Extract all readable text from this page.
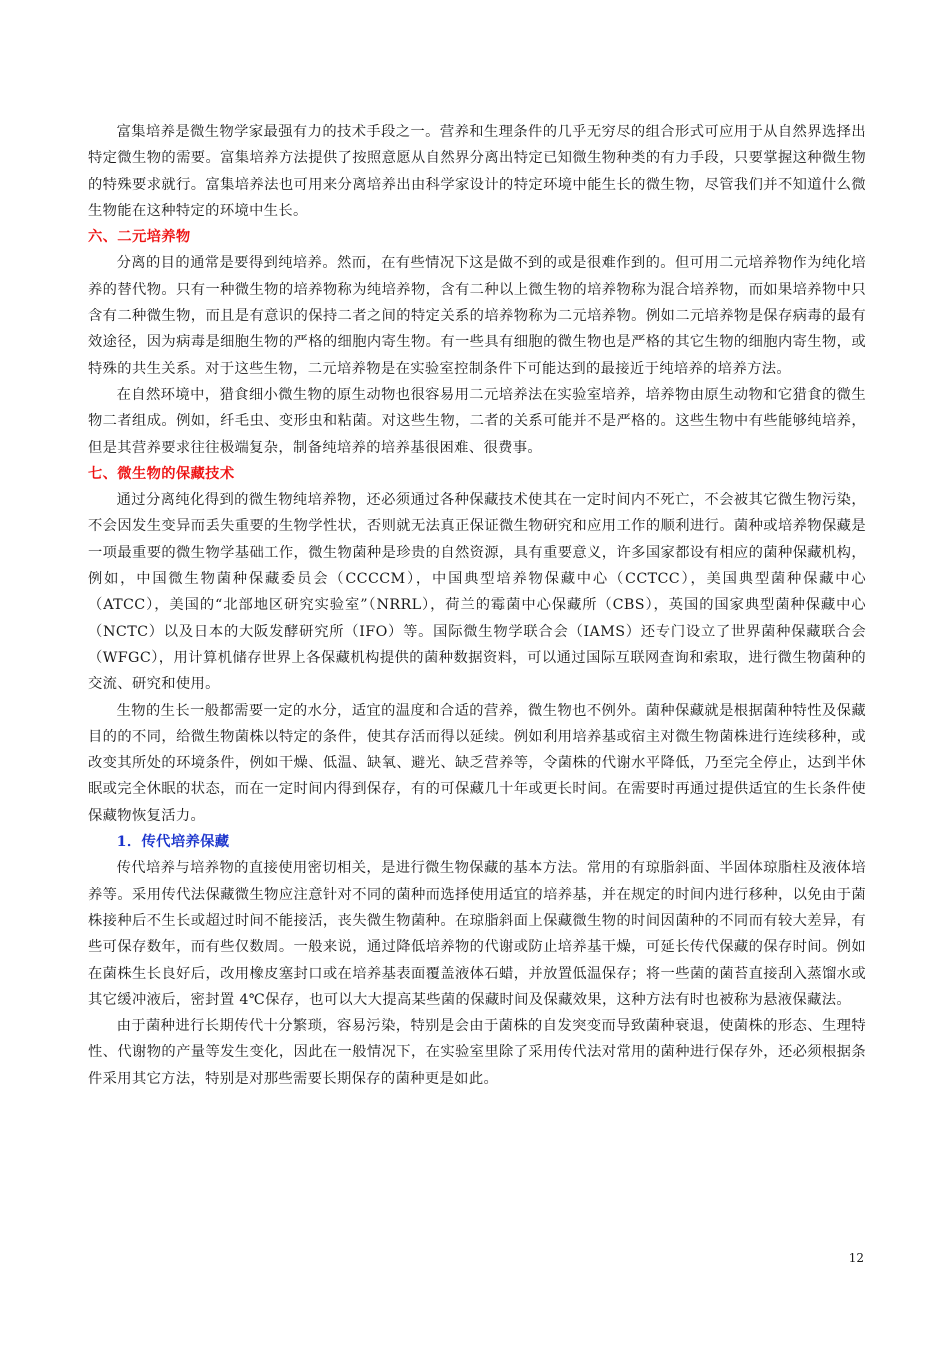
富集培养是微生物学家最强有力的技术手段之一。营养和生理条件的几乎无穷尽的组合形式可应用于从自然界选择出特定微生物的需要。富集培养方法提供了按照意愿从自然界分离出特定已知微生物种类的有力手段，只要掌握这种微生物的特殊要求就行。富集培养法也可用来分离培养出由科学家设计的特定环境中能生长的微生物，尽管我们并不知道什么微生物能在这种特定的环境中生长。

六、二元培养物

分离的目的通常是要得到纯培养。然而，在有些情况下这是做不到的或是很难作到的。但可用二元培养物作为纯化培养的替代物。只有一种微生物的培养物称为纯培养物，含有二种以上微生物的培养物称为混合培养物，而如果培养物中只含有二种微生物，而且是有意识的保持二者之间的特定关系的培养物称为二元培养物。例如二元培养物是保存病毒的最有效途径，因为病毒是细胞生物的严格的细胞内寄生物。有一些具有细胞的微生物也是严格的其它生物的细胞内寄生物，或特殊的共生关系。对于这些生物，二元培养物是在实验室控制条件下可能达到的最接近于纯培养的培养方法。

在自然环境中，猎食细小微生物的原生动物也很容易用二元培养法在实验室培养，培养物由原生动物和它猎食的微生物二者组成。例如，纤毛虫、变形虫和粘菌。对这些生物，二者的关系可能并不是严格的。这些生物中有些能够纯培养，但是其营养要求往往极端复杂，制备纯培养的培养基很困难、很费事。

七、微生物的保藏技术

通过分离纯化得到的微生物纯培养物，还必须通过各种保藏技术使其在一定时间内不死亡，不会被其它微生物污染，不会因发生变异而丢失重要的生物学性状，否则就无法真正保证微生物研究和应用工作的顺利进行。菌种或培养物保藏是一项最重要的微生物学基础工作，微生物菌种是珍贵的自然资源，具有重要意义，许多国家都设有相应的菌种保藏机构，例如，中国微生物菌种保藏委员会（CCCCM），中国典型培养物保藏中心（CCTCC），美国典型菌种保藏中心（ATCC），美国的“北部地区研究实验室”（NRRL），荷兰的霉菌中心保藏所（CBS），英国的国家典型菌种保藏中心（NCTC）以及日本的大阪发酵研究所（IFO）等。国际微生物学联合会（IAMS）还专门设立了世界菌种保藏联合会（WFGC），用计算机储存世界上各保藏机构提供的菌种数据资料，可以通过国际互联网查询和索取，进行微生物菌种的交流、研究和使用。

生物的生长一般都需要一定的水分，适宜的温度和合适的营养，微生物也不例外。菌种保藏就是根据菌种特性及保藏目的的不同，给微生物菌株以特定的条件，使其存活而得以延续。例如利用培养基或宿主对微生物菌株进行连续移种，或改变其所处的环境条件，例如干燥、低温、缺氧、避光、缺乏营养等，令菌株的代谢水平降低，乃至完全停止，达到半休眠或完全休眠的状态，而在一定时间内得到保存，有的可保藏几十年或更长时间。在需要时再通过提供适宜的生长条件使保藏物恢复活力。

1．传代培养保藏

传代培养与培养物的直接使用密切相关，是进行微生物保藏的基本方法。常用的有琼脂斜面、半固体琼脂柱及液体培养等。采用传代法保藏微生物应注意针对不同的菌种而选择使用适宜的培养基，并在规定的时间内进行移种，以免由于菌株接种后不生长或超过时间不能接活，丧失微生物菌种。在琼脂斜面上保藏微生物的时间因菌种的不同而有较大差异，有些可保存数年，而有些仅数周。一般来说，通过降低培养物的代谢或防止培养基干燥，可延长传代保藏的保存时间。例如在菌株生长良好后，改用橡皮塞封口或在培养基表面覆盖液体石蜡，并放置低温保存；将一些菌的菌苔直接刮入蒸馏水或其它缓冲液后，密封置 4℃保存，也可以大大提高某些菌的保藏时间及保藏效果，这种方法有时也被称为悬液保藏法。

由于菌种进行长期传代十分繁琐，容易污染，特别是会由于菌株的自发突变而导致菌种衰退，使菌株的形态、生理特性、代谢物的产量等发生变化，因此在一般情况下，在实验室里除了采用传代法对常用的菌种进行保存外，还必须根据条件采用其它方法，特别是对那些需要长期保存的菌种更是如此。

12
